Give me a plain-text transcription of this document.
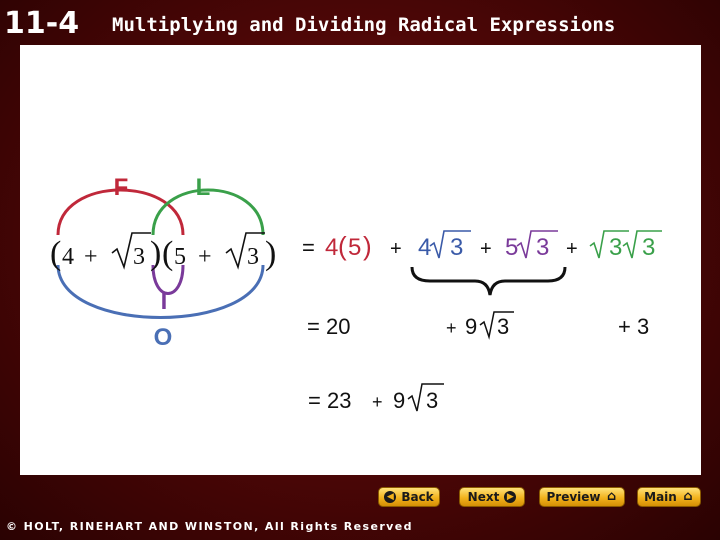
11-4 Multiplying and Dividing Radical Expressions
F	L
I
O
( 4 + 3 ) ( 5 + 3 ) = 4 ( 5 ) + 4 3 + 5 3 + 3 3
= 20	+ 9 3	+ 3
= 23 + 9 3
◀ Back	Next ▶	Preview ⌂ Main ⌂
© HOLT, RINEHART AND WINSTON, All Rights Reserved
